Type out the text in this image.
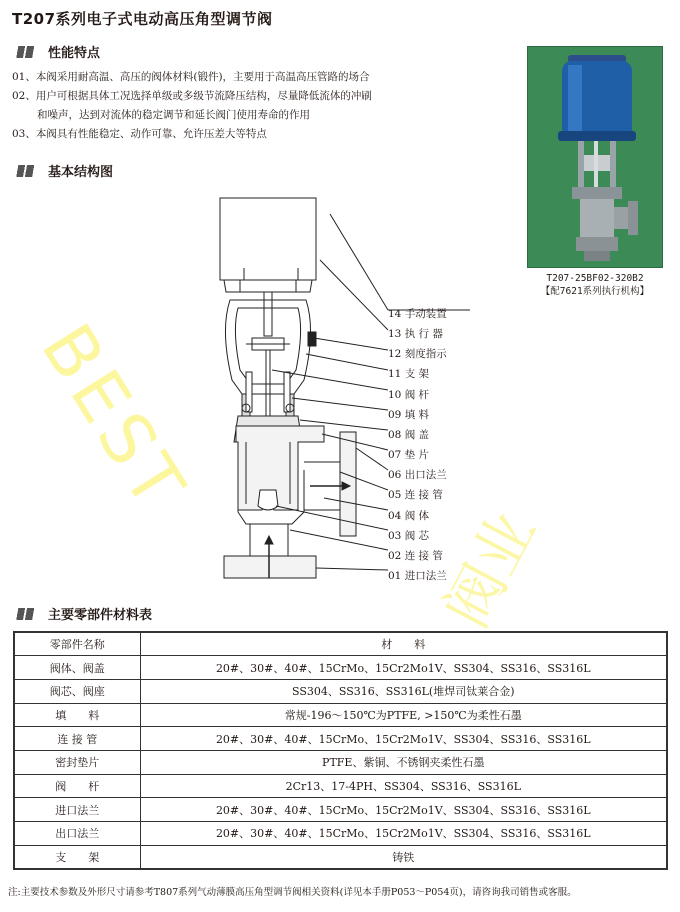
T207系列电子式电动高压角型调节阀
性能特点

01、本阀采用耐高温、高压的阀体材料(锻件)，主要用于高温高压管路的场合

02、用户可根据具体工况选择单级或多级节流降压结构，尽量降低流体的冲刷

和噪声，达到对流体的稳定调节和延长阀门使用寿命的作用

03、本阀具有性能稳定、动作可靠、允许压差大等特点

基本结构图
T207-25BF02-320B2
【配7621系列执行机构】
14 手动装置
13 执 行 器
12 刻度指示
11 支 架
10 阀 杆
09 填 料
08 阀 盖
07 垫 片
06 出口法兰
05 连 接 管
04 阀 体
03 阀 芯
02 连 接 管
01 进口法兰
BEST
阀业
主要零部件材料表
零部件名称	材　　料
阀体、阀盖	20#、30#、40#、15CrMo、15Cr2Mo1V、SS304、SS316、SS316L
阀芯、阀座	SS304、SS316、SS316L(堆焊司钛莱合金)
填　　料	常规-196～150℃为PTFE, >150℃为柔性石墨
连 接 管	20#、30#、40#、15CrMo、15Cr2Mo1V、SS304、SS316、SS316L
密封垫片	PTFE、紫铜、不锈钢夹柔性石墨
阀　　杆	2Cr13、17-4PH、SS304、SS316、SS316L
进口法兰	20#、30#、40#、15CrMo、15Cr2Mo1V、SS304、SS316、SS316L
出口法兰	20#、30#、40#、15CrMo、15Cr2Mo1V、SS304、SS316、SS316L
支　　架	铸铁
注:主要技术参数及外形尺寸请参考T807系列气动薄膜高压角型调节阀相关资料(详见本手册P053～P054页)，请咨询我司销售或客服。
